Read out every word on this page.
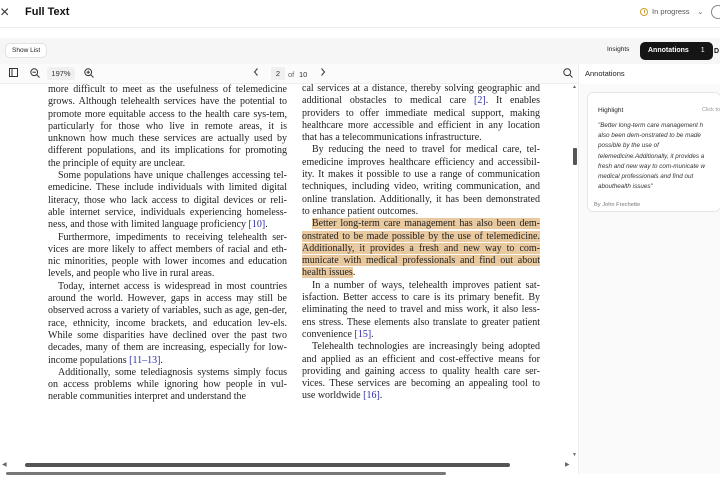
× Full Text	In progress ⌄
Show List	Insights	Annotations 1	D
197%	2	of 10	Annotations

more difficult to meet as the usefulness of telemedicine grows. Although telehealth services have the potential to promote more equitable access to the health care sys-tem, particularly for those who live in remote areas, it is unknown how much these services are actually used by different populations, and its implications for promoting the principle of equity are unclear.

Some populations have unique challenges accessing tel-emedicine. These include individuals with limited digital literacy, those who lack access to digital devices or reli-able internet service, individuals experiencing homeless-ness, and those with limited language proficiency [10].

Furthermore, impediments to receiving telehealth ser-vices are more likely to affect members of racial and eth-nic minorities, people with lower incomes and education levels, and people who live in rural areas.

Today, internet access is widespread in most countries around the world. However, gaps in access may still be observed across a variety of variables, such as age, gen-der, race, ethnicity, income brackets, and education lev-els. While some disparities have declined over the past two decades, many of them are increasing, especially for low-income populations [11–13].

Additionally, some telediagnosis systems simply focus on access problems while ignoring how people in vul-nerable communities interpret and understand the

cal services at a distance, thereby solving geographic and additional obstacles to medical care [2]. It enables providers to offer immediate medical support, making healthcare more accessible and efficient in any location that has a telecommunications infrastructure.

By reducing the need to travel for medical care, tel-emedicine improves healthcare efficiency and accessibil-ity. It makes it possible to use a range of communication techniques, including video, writing communication, and online translation. Additionally, it has been demonstrated to enhance patient outcomes.

Better long-term care management has also been dem-onstrated to be made possible by the use of telemedicine. Additionally, it provides a fresh and new way to com-municate with medical professionals and find out about health issues.

In a number of ways, telehealth improves patient sat-isfaction. Better access to care is its primary benefit. By eliminating the need to travel and miss work, it also less-ens stress. These elements also translate to greater patient convenience [15].

Telehealth technologies are increasingly being adopted and applied as an efficient and cost-effective means for providing and gaining access to quality health care ser-vices. These services are becoming an appealing tool to use worldwide [16].

▲
▼
◀	▶
Highlight	Click to
"Better long-term care management h
also been dem-onstrated to be made
possible by the use of
telemedicine.Additionally, it provides a
fresh and new way to com-municate w
medical professionals and find out
abouthealth issues"
By John Frechette
